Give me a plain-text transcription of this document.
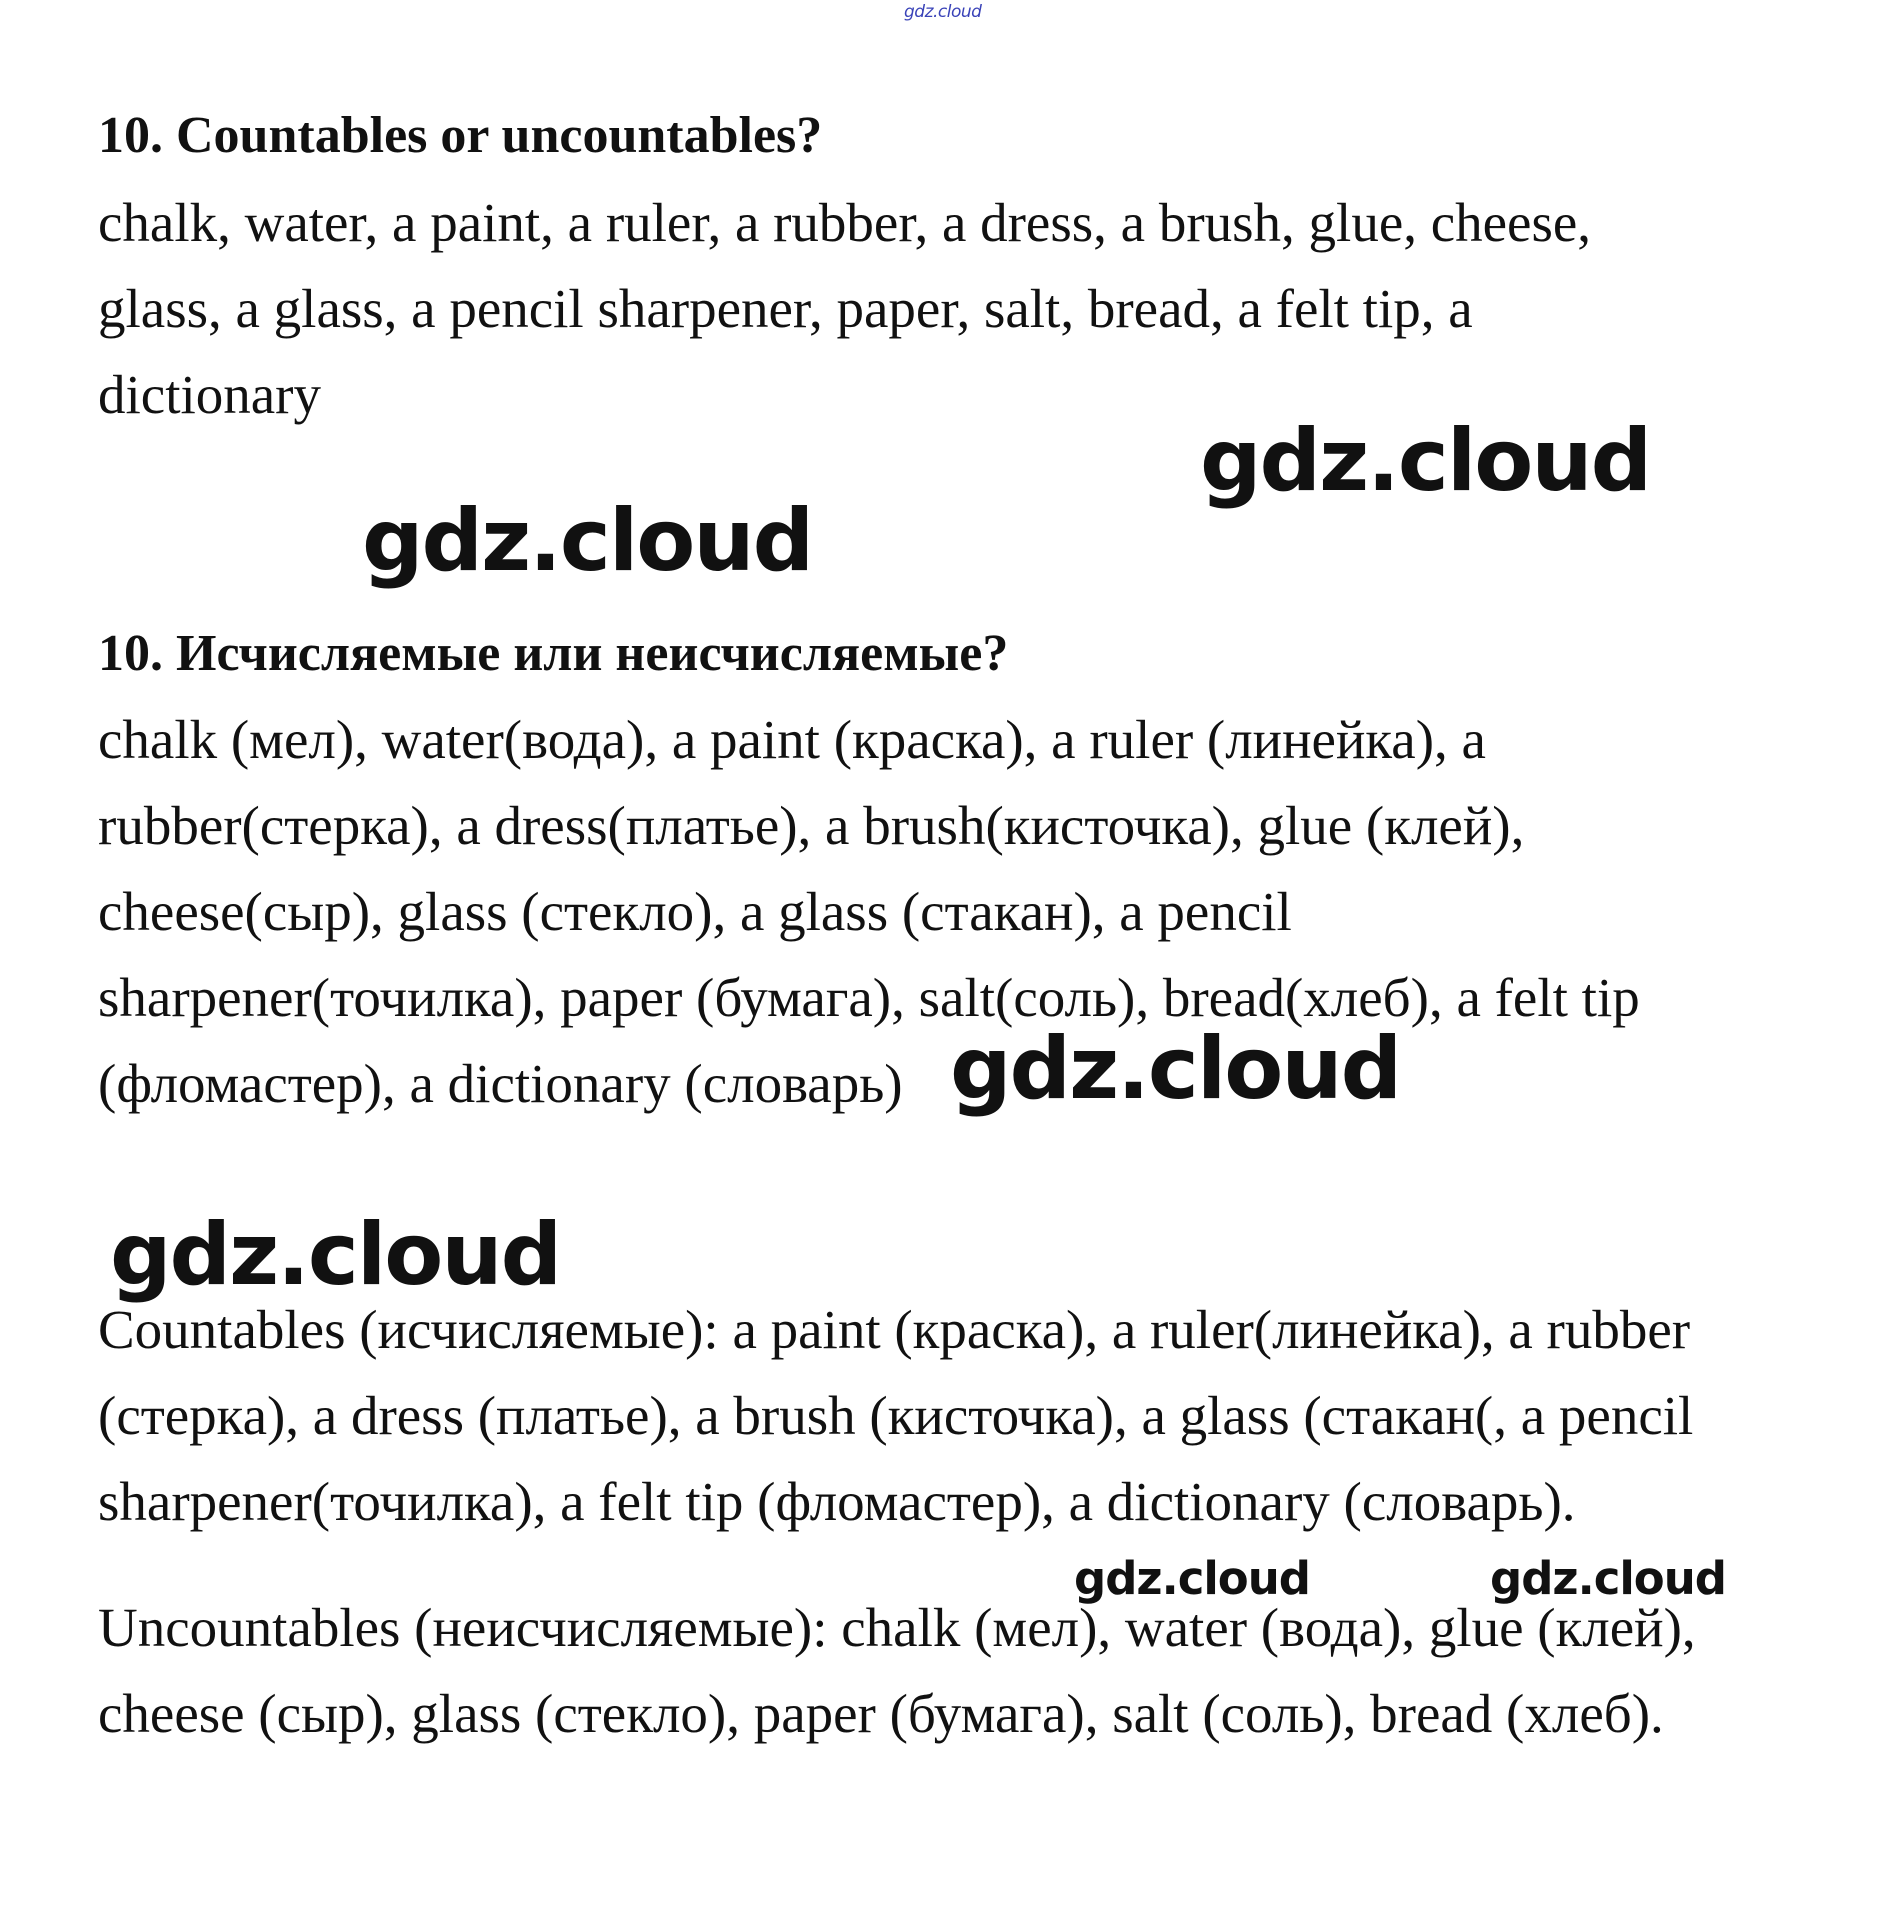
gdz.cloud
10. Countables or uncountables?
chalk, water, a paint, a ruler, a rubber, a dress, a brush, glue, cheese,
glass, a glass, a pencil sharpener, paper, salt, bread, a felt tip, a
dictionary
10. Исчисляемые или неисчисляемые?
chalk (мел), water(вода), a paint (краска), a ruler (линейка), a
rubber(стерка), a dress(платье), a brush(кисточка), glue (клей),
cheese(сыр), glass (стекло), a glass (стакан), a pencil
sharpener(точилка), paper (бумага), salt(соль), bread(хлеб), a felt tip
(фломастер), a dictionary (словарь)
Countables (исчисляемые): a paint (краска), a ruler(линейка), a rubber
(стерка), a dress (платье), a brush (кисточка), a glass (стакан(, a pencil
sharpener(точилка), a felt tip (фломастер), a dictionary (словарь).
Uncountables (неисчисляемые): chalk (мел), water (вода), glue (клей),
cheese (сыр), glass (стекло), paper (бумага), salt (соль), bread (хлеб).
gdz.cloud
gdz.cloud
gdz.cloud
gdz.cloud
gdz.cloud	gdz.cloud
